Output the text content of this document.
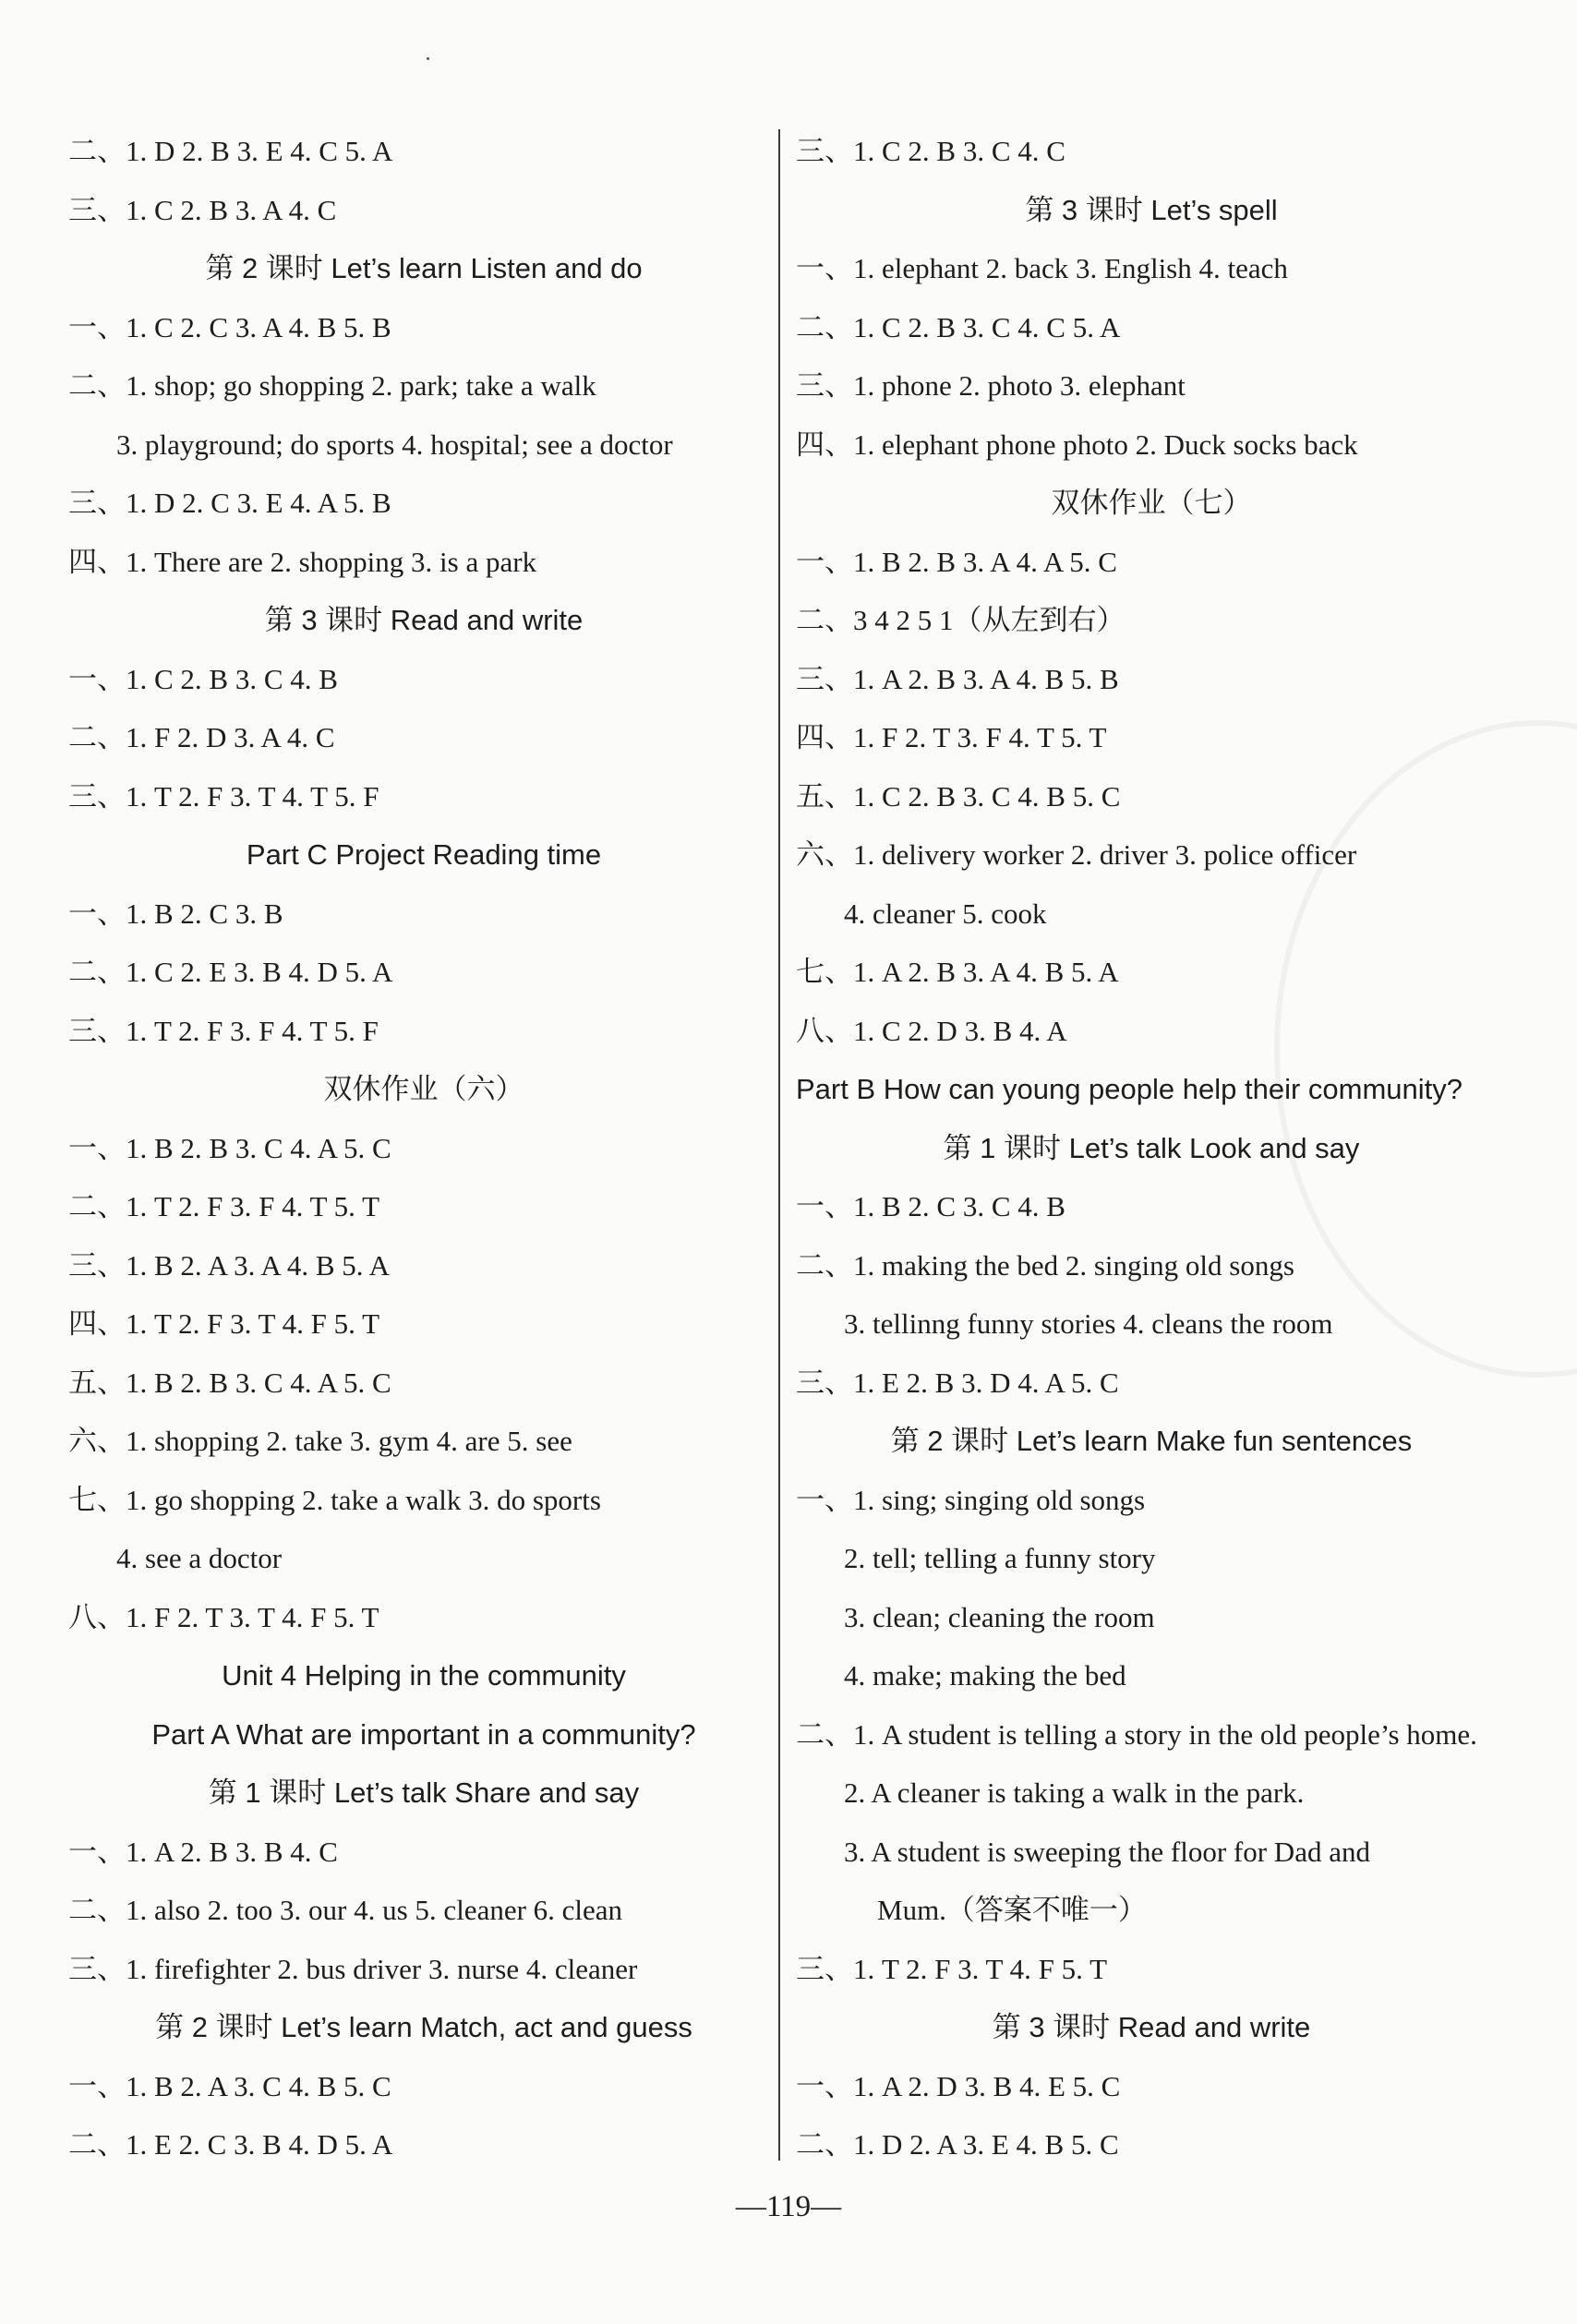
二、1. D 2. B 3. E 4. C 5. A
三、1. C 2. B 3. A 4. C
第 2 课时 Let’s learn Listen and do
一、1. C 2. C 3. A 4. B 5. B
二、1. shop; go shopping 2. park; take a walk
3. playground; do sports 4. hospital; see a doctor
三、1. D 2. C 3. E 4. A 5. B
四、1. There are 2. shopping 3. is a park
第 3 课时 Read and write
一、1. C 2. B 3. C 4. B
二、1. F 2. D 3. A 4. C
三、1. T 2. F 3. T 4. T 5. F
Part C Project Reading time
一、1. B 2. C 3. B
二、1. C 2. E 3. B 4. D 5. A
三、1. T 2. F 3. F 4. T 5. F
双休作业（六）
一、1. B 2. B 3. C 4. A 5. C
二、1. T 2. F 3. F 4. T 5. T
三、1. B 2. A 3. A 4. B 5. A
四、1. T 2. F 3. T 4. F 5. T
五、1. B 2. B 3. C 4. A 5. C
六、1. shopping 2. take 3. gym 4. are 5. see
七、1. go shopping 2. take a walk 3. do sports
4. see a doctor
八、1. F 2. T 3. T 4. F 5. T
Unit 4 Helping in the community
Part A What are important in a community?
第 1 课时 Let’s talk Share and say
一、1. A 2. B 3. B 4. C
二、1. also 2. too 3. our 4. us 5. cleaner 6. clean
三、1. firefighter 2. bus driver 3. nurse 4. cleaner
第 2 课时 Let’s learn Match, act and guess
一、1. B 2. A 3. C 4. B 5. C
二、1. E 2. C 3. B 4. D 5. A
三、1. C 2. B 3. C 4. C
第 3 课时 Let’s spell
一、1. elephant 2. back 3. English 4. teach
二、1. C 2. B 3. C 4. C 5. A
三、1. phone 2. photo 3. elephant
四、1. elephant phone photo 2. Duck socks back
双休作业（七）
一、1. B 2. B 3. A 4. A 5. C
二、3 4 2 5 1（从左到右）
三、1. A 2. B 3. A 4. B 5. B
四、1. F 2. T 3. F 4. T 5. T
五、1. C 2. B 3. C 4. B 5. C
六、1. delivery worker 2. driver 3. police officer
4. cleaner 5. cook
七、1. A 2. B 3. A 4. B 5. A
八、1. C 2. D 3. B 4. A
Part B How can young people help their community?
第 1 课时 Let’s talk Look and say
一、1. B 2. C 3. C 4. B
二、1. making the bed 2. singing old songs
3. tellinng funny stories 4. cleans the room
三、1. E 2. B 3. D 4. A 5. C
第 2 课时 Let’s learn Make fun sentences
一、1. sing; singing old songs
2. tell; telling a funny story
3. clean; cleaning the room
4. make; making the bed
二、1. A student is telling a story in the old people’s home.
2. A cleaner is taking a walk in the park.
3. A student is sweeping the floor for Dad and
Mum.（答案不唯一）
三、1. T 2. F 3. T 4. F 5. T
第 3 课时 Read and write
一、1. A 2. D 3. B 4. E 5. C
二、1. D 2. A 3. E 4. B 5. C
—119—
